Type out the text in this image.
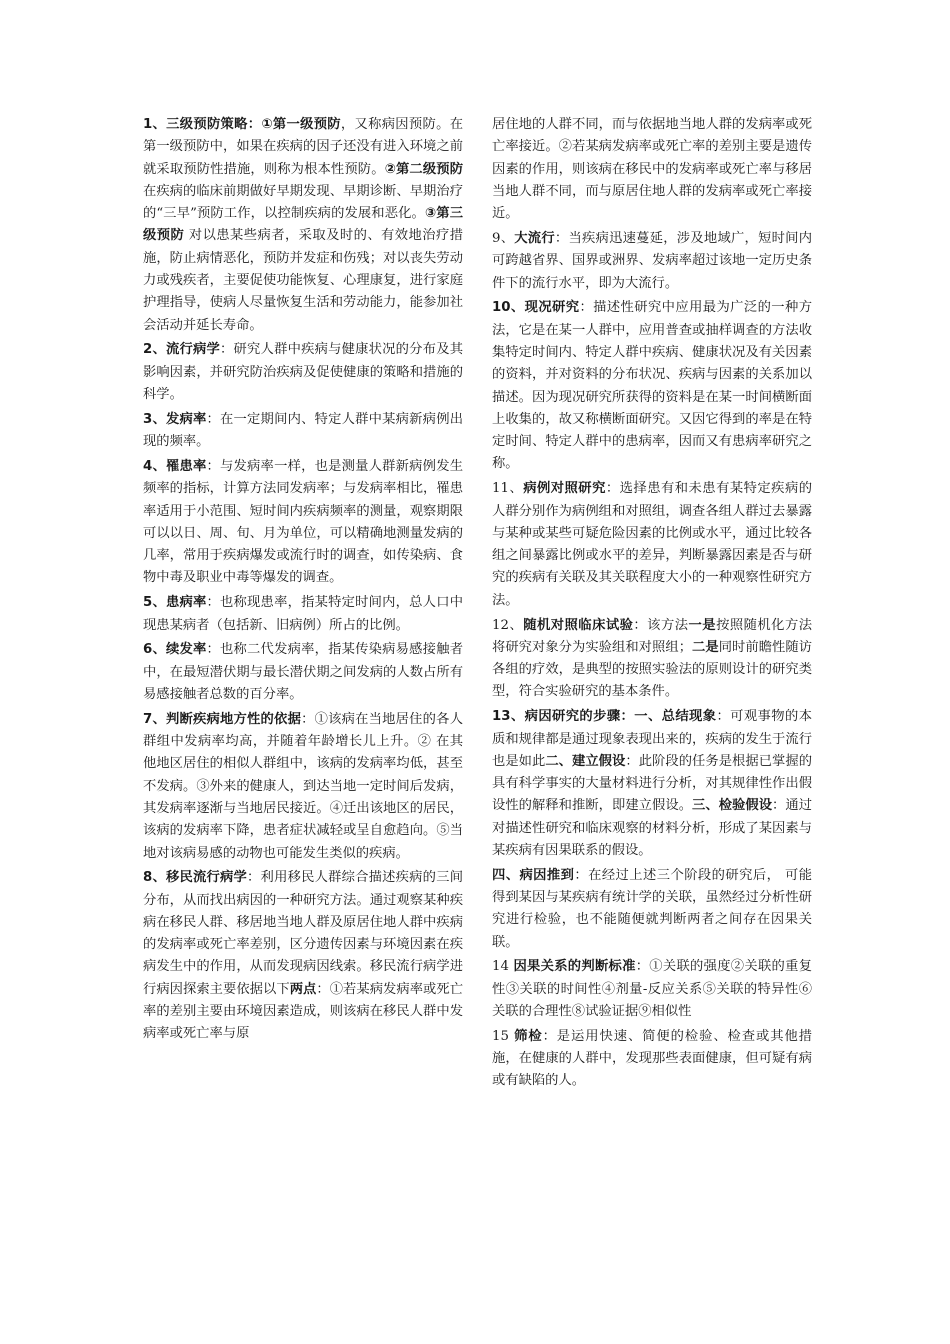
1、三级预防策略：①第一级预防，又称病因预防。在第一级预防中，如果在疾病的因子还没有进入环境之前就采取预防性措施，则称为根本性预防。②第二级预防 在疾病的临床前期做好早期发现、早期诊断、早期治疗的“三早”预防工作，以控制疾病的发展和恶化。③第三级预防 对以患某些病者，采取及时的、有效地治疗措施，防止病情恶化，预防并发症和伤残；对以丧失劳动力或残疾者，主要促使功能恢复、心理康复，进行家庭护理指导，使病人尽量恢复生活和劳动能力，能参加社会活动并延长寿命。

2、流行病学：研究人群中疾病与健康状况的分布及其影响因素，并研究防治疾病及促使健康的策略和措施的科学。

3、发病率：在一定期间内、特定人群中某病新病例出现的频率。

4、罹患率：与发病率一样，也是测量人群新病例发生频率的指标，计算方法同发病率；与发病率相比，罹患率适用于小范围、短时间内疾病频率的测量，观察期限可以以日、周、旬、月为单位，可以精确地测量发病的几率，常用于疾病爆发或流行时的调查，如传染病、食物中毒及职业中毒等爆发的调查。

5、患病率：也称现患率，指某特定时间内，总人口中现患某病者（包括新、旧病例）所占的比例。

6、续发率：也称二代发病率，指某传染病易感接触者中，在最短潜伏期与最长潜伏期之间发病的人数占所有易感接触者总数的百分率。

7、判断疾病地方性的依据：①该病在当地居住的各人群组中发病率均高，并随着年龄增长儿上升。② 在其他地区居住的相似人群组中，该病的发病率均低，甚至不发病。③外来的健康人，到达当地一定时间后发病，其发病率逐渐与当地居民接近。④迁出该地区的居民，该病的发病率下降，患者症状减轻或呈自愈趋向。⑤当地对该病易感的动物也可能发生类似的疾病。

8、移民流行病学：利用移民人群综合描述疾病的三间分布，从而找出病因的一种研究方法。通过观察某种疾病在移民人群、移居地当地人群及原居住地人群中疾病的发病率或死亡率差别，区分遗传因素与环境因素在疾病发生中的作用，从而发现病因线索。移民流行病学进行病因探索主要依据以下两点：①若某病发病率或死亡率的差别主要由环境因素造成，则该病在移民人群中发病率或死亡率与原

居住地的人群不同，而与依据地当地人群的发病率或死亡率接近。②若某病发病率或死亡率的差别主要是遗传因素的作用，则该病在移民中的发病率或死亡率与移居当地人群不同，而与原居住地人群的发病率或死亡率接近。

9、大流行：当疾病迅速蔓延，涉及地域广，短时间内可跨越省界、国界或洲界、发病率超过该地一定历史条件下的流行水平，即为大流行。

10、现况研究：描述性研究中应用最为广泛的一种方法，它是在某一人群中，应用普查或抽样调查的方法收集特定时间内、特定人群中疾病、健康状况及有关因素的资料，并对资料的分布状况、疾病与因素的关系加以描述。因为现况研究所获得的资料是在某一时间横断面上收集的，故又称横断面研究。又因它得到的率是在特定时间、特定人群中的患病率，因而又有患病率研究之称。

11、病例对照研究：选择患有和未患有某特定疾病的人群分别作为病例组和对照组，调查各组人群过去暴露与某种或某些可疑危险因素的比例或水平，通过比较各组之间暴露比例或水平的差异，判断暴露因素是否与研究的疾病有关联及其关联程度大小的一种观察性研究方法。

12、随机对照临床试验：该方法一是按照随机化方法将研究对象分为实验组和对照组；二是同时前瞻性随访各组的疗效，是典型的按照实验法的原则设计的研究类型，符合实验研究的基本条件。

13、病因研究的步骤：一、总结现象：可观事物的本质和规律都是通过现象表现出来的，疾病的发生于流行也是如此二、建立假设：此阶段的任务是根据已掌握的具有科学事实的大量材料进行分析，对其规律性作出假设性的解释和推断，即建立假设。三、检验假设：通过对描述性研究和临床观察的材料分析，形成了某因素与某疾病有因果联系的假设。

四、病因推到：在经过上述三个阶段的研究后， 可能得到某因与某疾病有统计学的关联，虽然经过分析性研究进行检验，也不能随便就判断两者之间存在因果关联。

14 因果关系的判断标准：①关联的强度②关联的重复性③关联的时间性④剂量-反应关系⑤关联的特异性⑥关联的合理性⑧试验证据⑨相似性

15 筛检：是运用快速、简便的检验、检查或其他措施，在健康的人群中，发现那些表面健康，但可疑有病或有缺陷的人。
